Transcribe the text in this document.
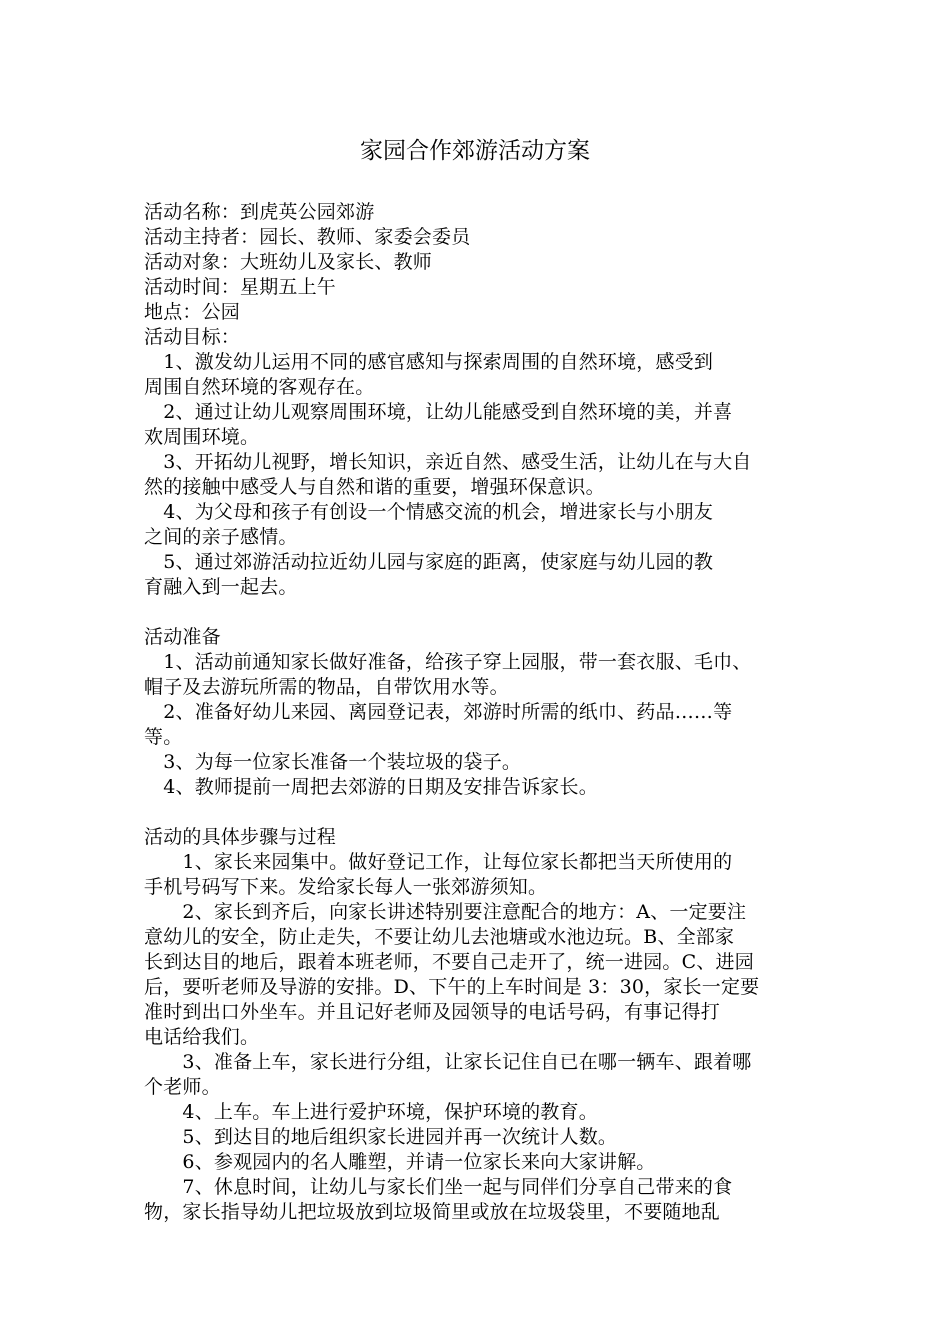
家园合作郊游活动方案
活动名称：到虎英公园郊游
活动主持者：园长、教师、家委会委员
活动对象：大班幼儿及家长、教师
活动时间：星期五上午
地点：公园
活动目标：
　1、激发幼儿运用不同的感官感知与探索周围的自然环境，感受到
周围自然环境的客观存在。
　2、通过让幼儿观察周围环境，让幼儿能感受到自然环境的美，并喜
欢周围环境。
　3、开拓幼儿视野，增长知识，亲近自然、感受生活，让幼儿在与大自
然的接触中感受人与自然和谐的重要，增强环保意识。
　4、为父母和孩子有创设一个情感交流的机会，增进家长与小朋友
之间的亲子感情。
　5、通过郊游活动拉近幼儿园与家庭的距离，使家庭与幼儿园的教
育融入到一起去。
活动准备
　1、活动前通知家长做好准备，给孩子穿上园服，带一套衣服、毛巾、
帽子及去游玩所需的物品，自带饮用水等。
　2、准备好幼儿来园、离园登记表，郊游时所需的纸巾、药品……等
等。
　3、为每一位家长准备一个装垃圾的袋子。
　4、教师提前一周把去郊游的日期及安排告诉家长。
活动的具体步骤与过程
　　1、家长来园集中。做好登记工作，让每位家长都把当天所使用的
手机号码写下来。发给家长每人一张郊游须知。
　　2、家长到齐后，向家长讲述特别要注意配合的地方：A、一定要注
意幼儿的安全，防止走失，不要让幼儿去池塘或水池边玩。B、全部家
长到达目的地后，跟着本班老师，不要自己走开了，统一进园。C、进园
后，要听老师及导游的安排。D、下午的上车时间是 3：30，家长一定要
准时到出口外坐车。并且记好老师及园领导的电话号码，有事记得打
电话给我们。
　　3、准备上车，家长进行分组，让家长记住自已在哪一辆车、跟着哪
个老师。
　　4、上车。车上进行爱护环境，保护环境的教育。
　　5、到达目的地后组织家长进园并再一次统计人数。
　　6、参观园内的名人雕塑，并请一位家长来向大家讲解。
　　7、休息时间，让幼儿与家长们坐一起与同伴们分享自己带来的食
物，家长指导幼儿把垃圾放到垃圾简里或放在垃圾袋里，不要随地乱
